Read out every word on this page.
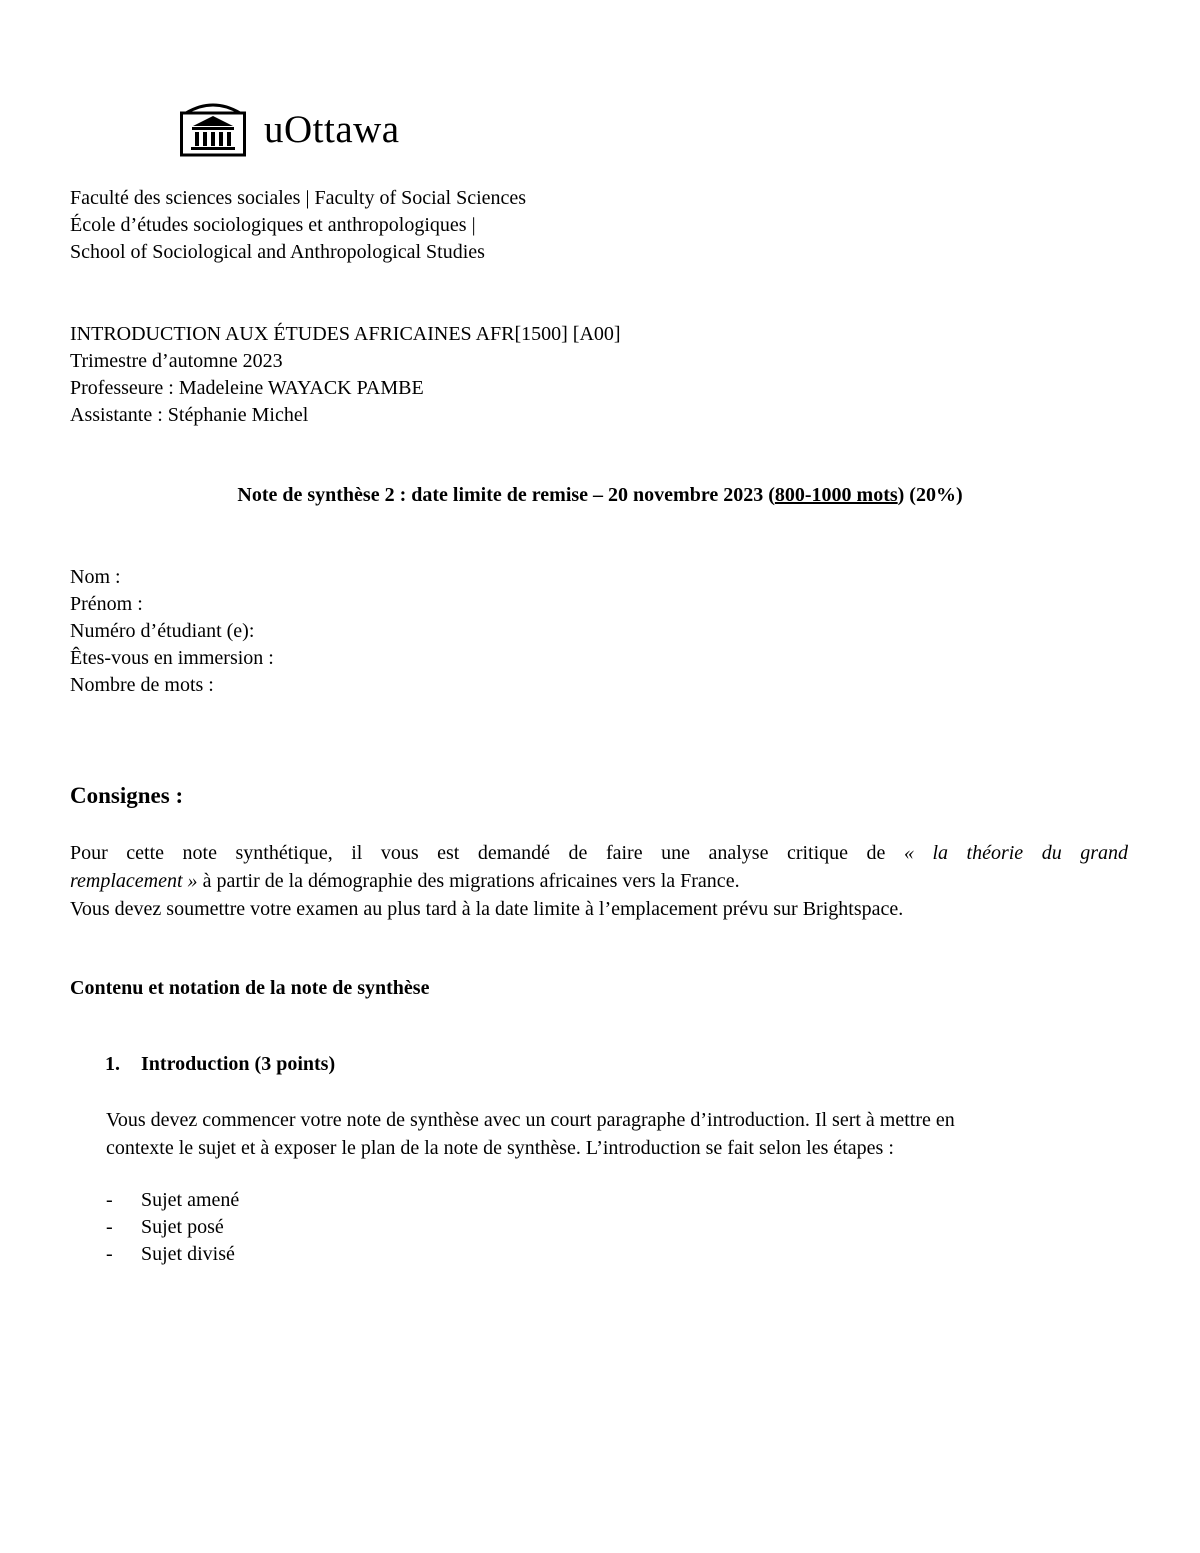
uOttawa
Faculté des sciences sociales | Faculty of Social Sciences
École d’études sociologiques et anthropologiques |
School of Sociological and Anthropological Studies
INTRODUCTION AUX ÉTUDES AFRICAINES AFR[1500] [A00]
Trimestre d’automne 2023
Professeure : Madeleine WAYACK PAMBE
Assistante : Stéphanie Michel
Note de synthèse 2 : date limite de remise – 20 novembre 2023 (800-1000 mots) (20%)
Nom :
Prénom :
Numéro d’étudiant (e):
Êtes-vous en immersion :
Nombre de mots :
Consignes :
Pour cette note synthétique, il vous est demandé de faire une analyse critique de « la théorie du grand
remplacement » à partir de la démographie des migrations africaines vers la France.
Vous devez soumettre votre examen au plus tard à la date limite à l’emplacement prévu sur Brightspace.
Contenu et notation de la note de synthèse
1. Introduction (3 points)
Vous devez commencer votre note de synthèse avec un court paragraphe d’introduction. Il sert à mettre en
contexte le sujet et à exposer le plan de la note de synthèse. L’introduction se fait selon les étapes :
- Sujet amené
- Sujet posé
- Sujet divisé
